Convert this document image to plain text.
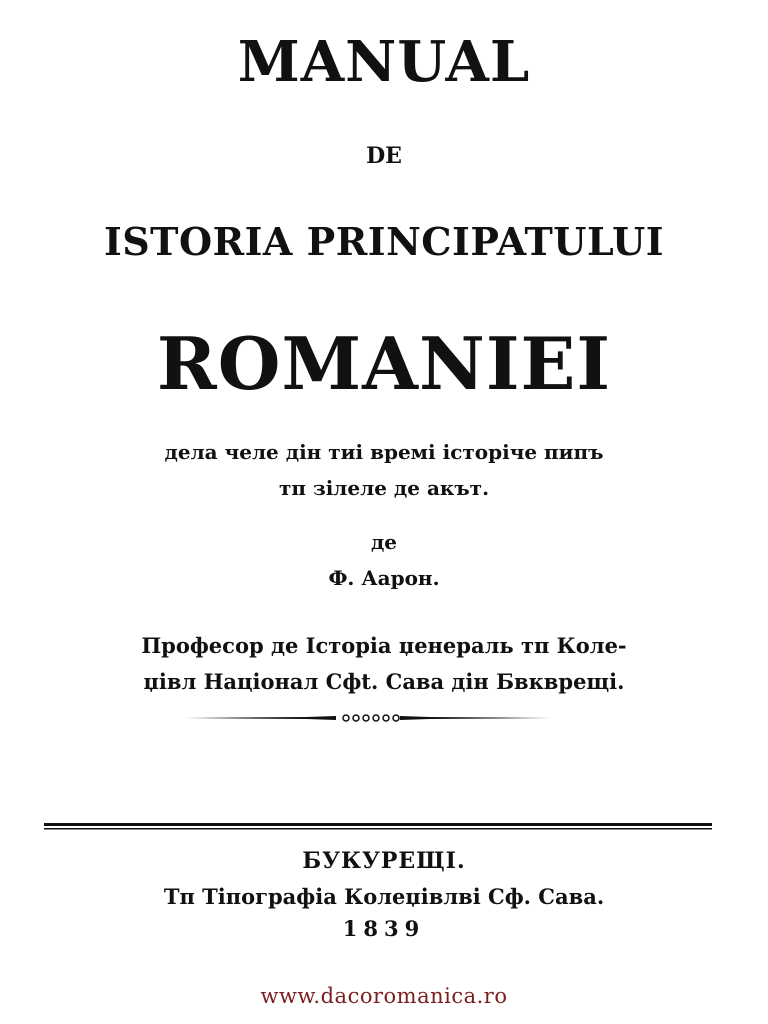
MANUAL

DE

ISTORIA PRINCIPATULUI

ROMANIEI

дела челе дін тиі времі історіче пипъ

тп зілеле де акът.

де

Ф. Аарон.

Професор де Історіа џенераль тп Коле-

џівл Націонал Сфt. Сава дін Бвкврещі.

БУКУРЕЩІ.

Тп Тіпографіа Колеџівлві Сф. Сава.

1839

www.dacoromanica.ro
